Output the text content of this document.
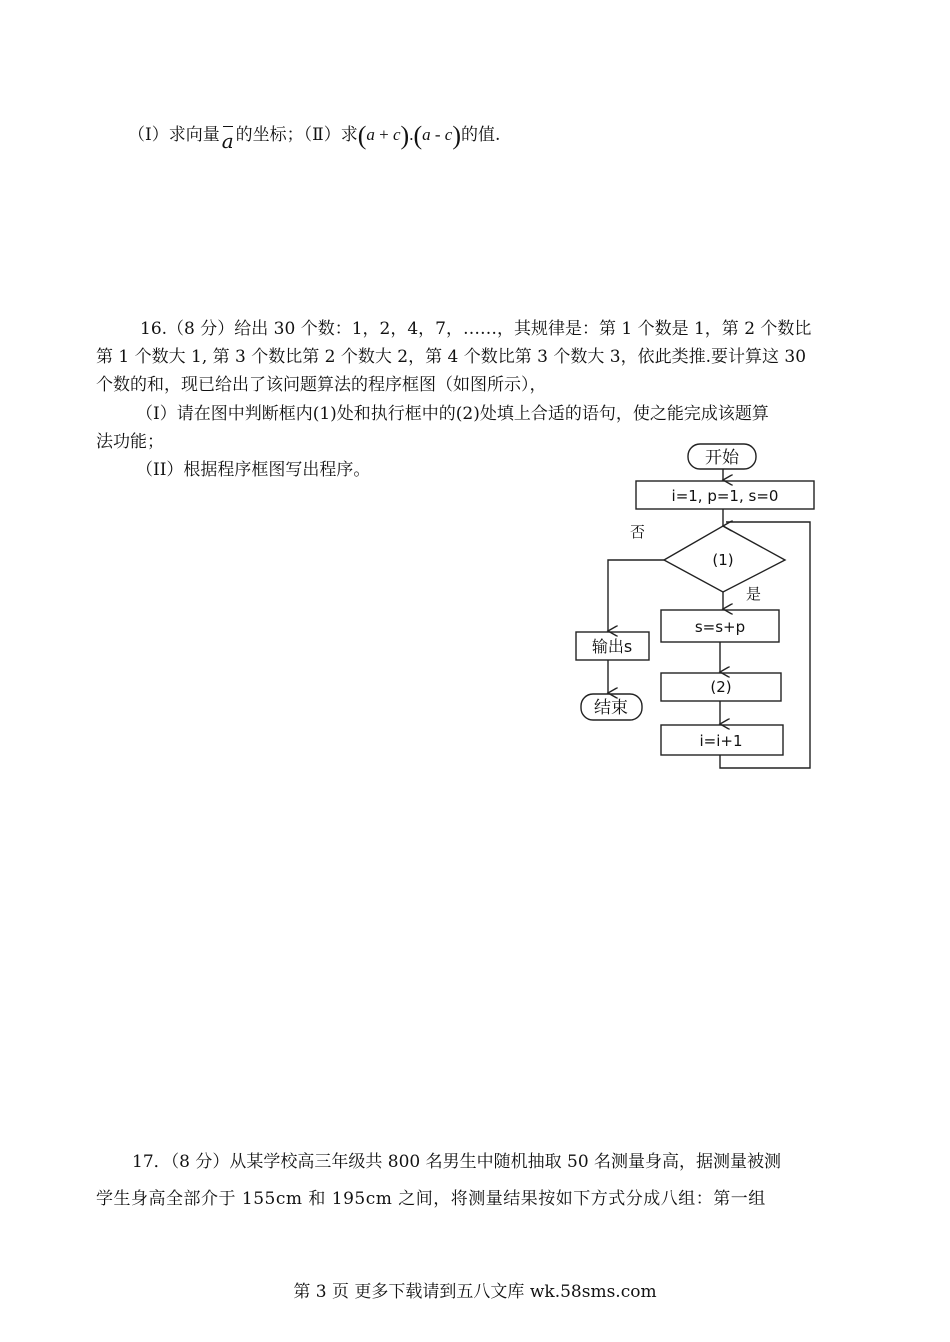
（Ⅰ）求向量 a 的坐标；（Ⅱ）求(a + c).(a - c)的值.
16.（8 分）给出 30 个数：1，2，4，7，……，其规律是：第 1 个数是 1，第 2 个数比
第 1 个数大 1, 第 3 个数比第 2 个数大 2，第 4 个数比第 3 个数大 3，依此类推.要计算这 30
个数的和，现已给出了该问题算法的程序框图（如图所示），
（I）请在图中判断框内(1)处和执行框中的(2)处填上合适的语句，使之能完成该题算
法功能；
（II）根据程序框图写出程序。
开始
i=1, p=1, s=0
(1)
否
是
s=s+p
(2)
i=i+1
输出s
结束
17．（8 分）从某学校高三年级共 800 名男生中随机抽取 50 名测量身高，据测量被测
学生身高全部介于 155cm 和 195cm 之间，将测量结果按如下方式分成八组：第一组
第 3 页 更多下载请到五八文库 wk.58sms.com
